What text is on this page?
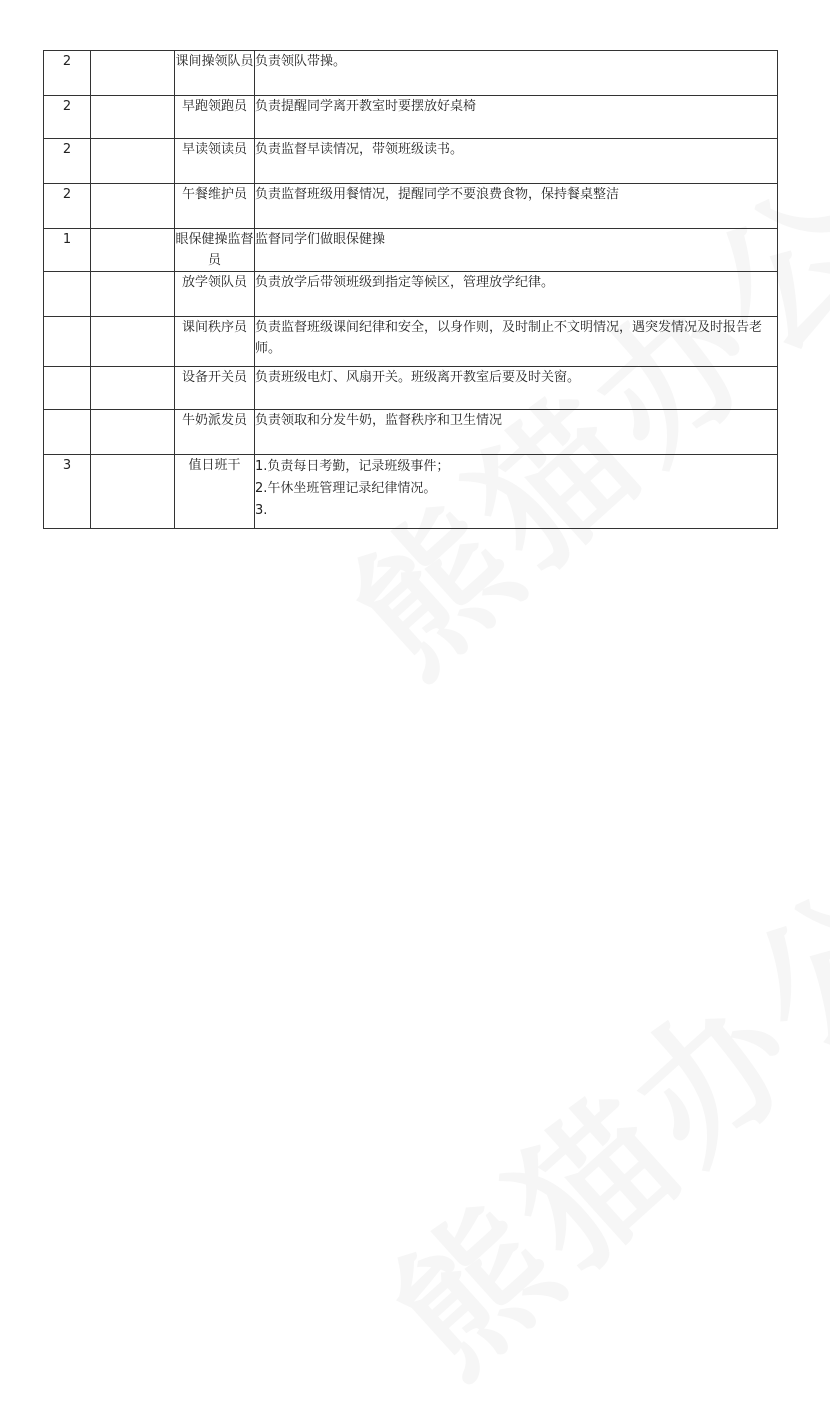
2		课间操领队员	负责领队带操。
2		早跑领跑员	负责提醒同学离开教室时要摆放好桌椅
2		早读领读员	负责监督早读情况，带领班级读书。
2		午餐维护员	负责监督班级用餐情况，提醒同学不要浪费食物，保持餐桌整洁
1		眼保健操监督员	监督同学们做眼保健操
		放学领队员	负责放学后带领班级到指定等候区，管理放学纪律。
		课间秩序员	负责监督班级课间纪律和安全，以身作则，及时制止不文明情况，遇突发情况及时报告老师。
		设备开关员	负责班级电灯、风扇开关。班级离开教室后要及时关窗。
		牛奶派发员	负责领取和分发牛奶，监督秩序和卫生情况
3		值日班干	1.负责每日考勤，记录班级事件；
2.午休坐班管理记录纪律情况。
3.
